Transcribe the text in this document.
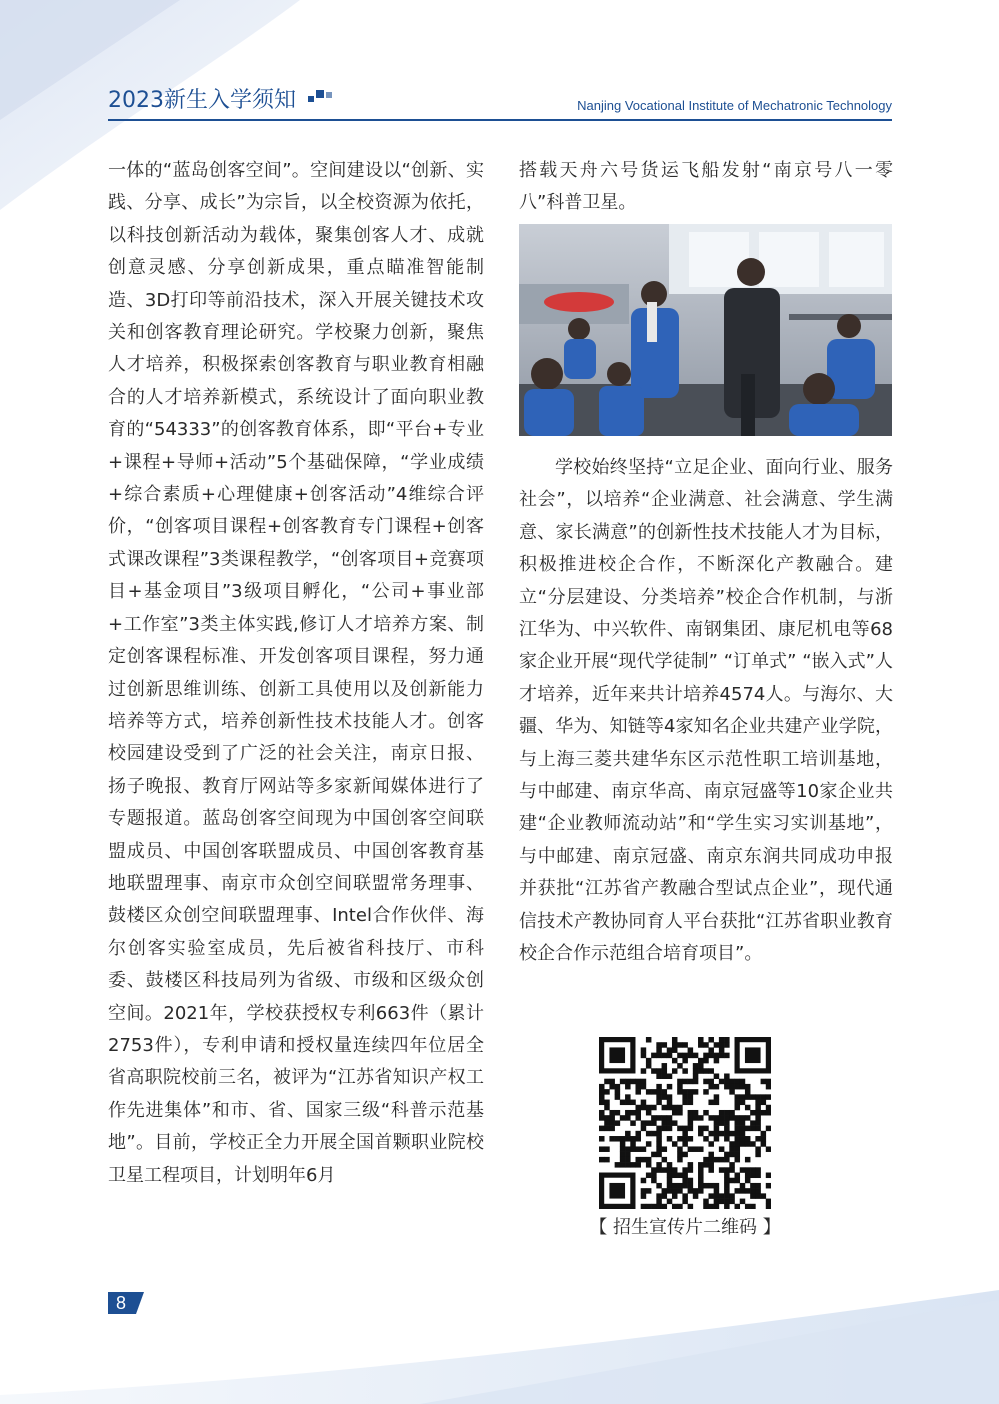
2023新生入学须知	Nanjing Vocational Institute of Mechatronic Technology

一体的“蓝岛创客空间”。空间建设以“创新、实践、分享、成长”为宗旨，以全校资源为依托，以科技创新活动为载体，聚集创客人才、成就创意灵感、分享创新成果，重点瞄准智能制造、3D打印等前沿技术，深入开展关键技术攻关和创客教育理论研究。学校聚力创新，聚焦人才培养，积极探索创客教育与职业教育相融合的人才培养新模式，系统设计了面向职业教育的“54333”的创客教育体系，即“平台+专业+课程+导师+活动”5个基础保障，“学业成绩+综合素质+心理健康+创客活动”4维综合评价，“创客项目课程+创客教育专门课程+创客式课改课程”3类课程教学，“创客项目+竞赛项目+基金项目”3级项目孵化，“公司+事业部+工作室”3类主体实践,修订人才培养方案、制定创客课程标准、开发创客项目课程，努力通过创新思维训练、创新工具使用以及创新能力培养等方式，培养创新性技术技能人才。创客校园建设受到了广泛的社会关注，南京日报、扬子晚报、教育厅网站等多家新闻媒体进行了专题报道。蓝岛创客空间现为中国创客空间联盟成员、中国创客联盟成员、中国创客教育基地联盟理事、南京市众创空间联盟常务理事、鼓楼区众创空间联盟理事、Intel合作伙伴、海尔创客实验室成员，先后被省科技厅、市科委、鼓楼区科技局列为省级、市级和区级众创空间。2021年，学校获授权专利663件（累计2753件），专利申请和授权量连续四年位居全省高职院校前三名，被评为“江苏省知识产权工作先进集体”和市、省、国家三级“科普示范基地”。目前，学校正全力开展全国首颗职业院校卫星工程项目，计划明年6月

搭载天舟六号货运飞船发射“南京号八一零八”科普卫星。

学校始终坚持“立足企业、面向行业、服务社会”，以培养“企业满意、社会满意、学生满意、家长满意”的创新性技术技能人才为目标，积极推进校企合作，不断深化产教融合。建立“分层建设、分类培养”校企合作机制，与浙江华为、中兴软件、南钢集团、康尼机电等68家企业开展“现代学徒制” “订单式” “嵌入式”人才培养，近年来共计培养4574人。与海尔、大疆、华为、知链等4家知名企业共建产业学院，与上海三菱共建华东区示范性职工培训基地，与中邮建、南京华高、南京冠盛等10家企业共建“企业教师流动站”和“学生实习实训基地”，与中邮建、南京冠盛、南京东润共同成功申报并获批“江苏省产教融合型试点企业”，现代通信技术产教协同育人平台获批“江苏省职业教育校企合作示范组合培育项目”。

【 招生宣传片二维码 】
8
